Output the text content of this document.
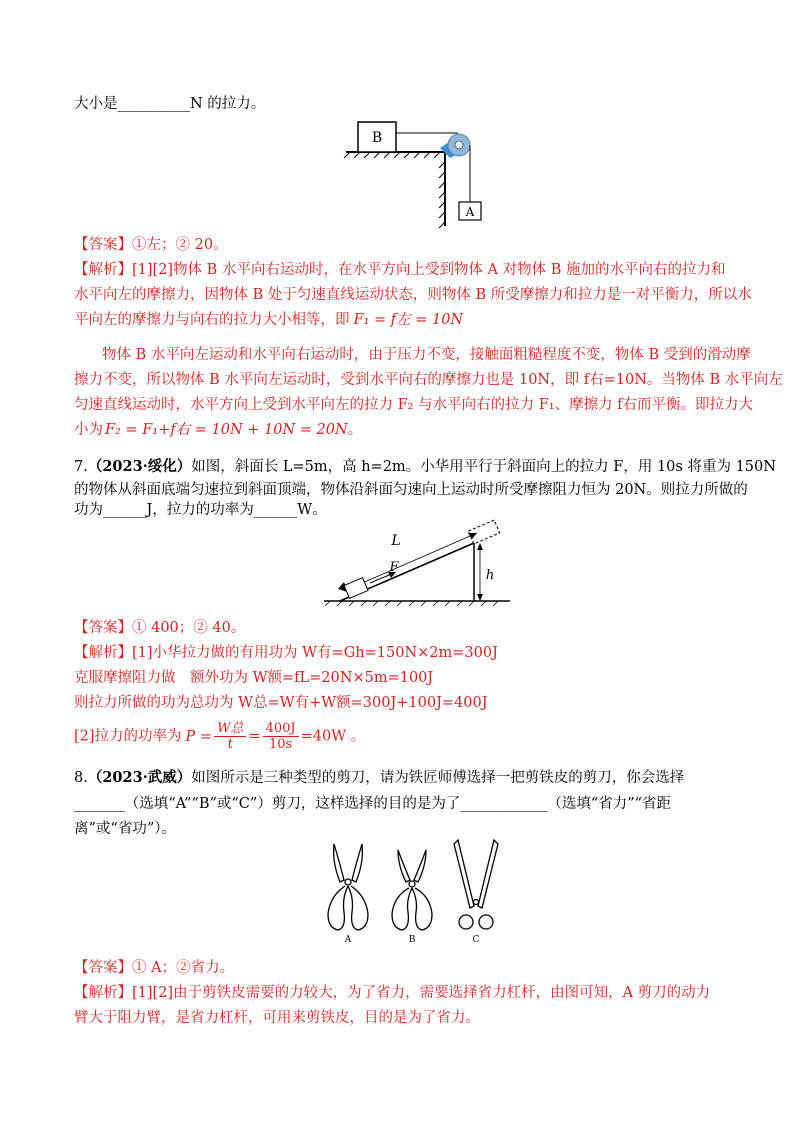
大小是__________N 的拉力。
B
A
【答案】①左；② 20。
【解析】[1][2]物体 B 水平向右运动时，在水平方向上受到物体 A 对物体 B 施加的水平向右的拉力和
水平向左的摩擦力，因物体 B 处于匀速直线运动状态，则物体 B 所受摩擦力和拉力是一对平衡力，所以水
平向左的摩擦力与向右的拉力大小相等，即 F₁ = f左 = 10N
物体 B 水平向左运动和水平向右运动时，由于压力不变，接触面粗糙程度不变，物体 B 受到的滑动摩
擦力不变，所以物体 B 水平向左运动时，受到水平向右的摩擦力也是 10N，即 f右=10N。当物体 B 水平向左
匀速直线运动时，水平方向上受到水平向左的拉力 F₂ 与水平向右的拉力 F₁、摩擦力 f右而平衡。即拉力大
小为 F₂ = F₁+f右 = 10N + 10N = 20N。
7.（2023·绥化）如图，斜面长 L=5m，高 h=2m。小华用平行于斜面向上的拉力 F，用 10s 将重为 150N
的物体从斜面底端匀速拉到斜面顶端，物体沿斜面匀速向上运动时所受摩擦阻力恒为 20N。则拉力所做的
功为______J，拉力的功率为______W。
L
F
h
【答案】① 400；② 40。
【解析】[1]小华拉力做的有用功为 W有=Gh=150N×2m=300J
克服摩擦阻力做　额外功为 W额=fL=20N×5m=100J
则拉力所做的功为总功为 W总=W有+W额=300J+100J=400J
[2]拉力的功率为 $P = \frac{\text{W总}}{t} = \frac{400J}{10s} =40W$ 。
8.（2023·武威）如图所示是三种类型的剪刀，请为铁匠师傅选择一把剪铁皮的剪刀，你会选择
_______（选填“A”“B”或“C”）剪刀，这样选择的目的是为了____________（选填“省力”“省距
离”或“省功”）。
A	B	C
【答案】① A；②省力。
【解析】[1][2]由于剪铁皮需要的力较大，为了省力，需要选择省力杠杆，由图可知，A 剪刀的动力
臂大于阻力臂，是省力杠杆，可用来剪铁皮，目的是为了省力。
